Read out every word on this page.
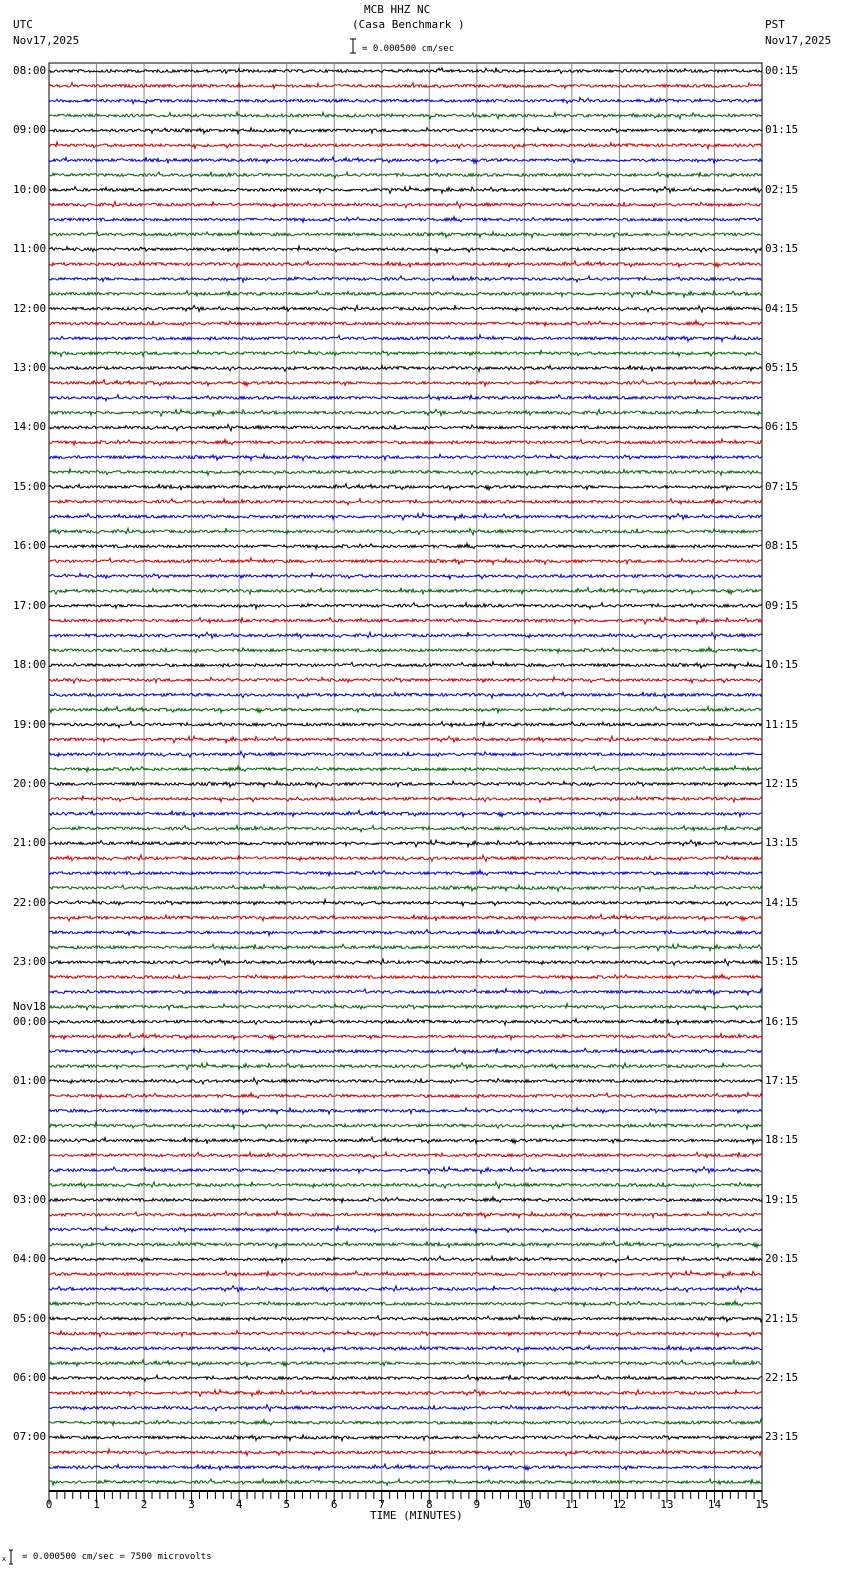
MCB HHZ NC
(Casa Benchmark )
UTC
Nov17,2025
PST
Nov17,2025
= 0.000500 cm/sec
0	1	2	3	4	5	6	7	8	9	10	11	12	13	14	15
08:00
09:00
10:00
11:00
12:00
13:00
14:00
15:00
16:00
17:00
18:00
19:00
20:00
21:00
22:00
23:00
00:00
Nov18
01:00
02:00
03:00
04:00
05:00
06:00
07:00
00:15
01:15
02:15
03:15
04:15
05:15
06:15
07:15
08:15
09:15
10:15
11:15
12:15
13:15
14:15
15:15
16:15
17:15
18:15
19:15
20:15
21:15
22:15
23:15
TIME (MINUTES)
x = 0.000500 cm/sec = 7500 microvolts
